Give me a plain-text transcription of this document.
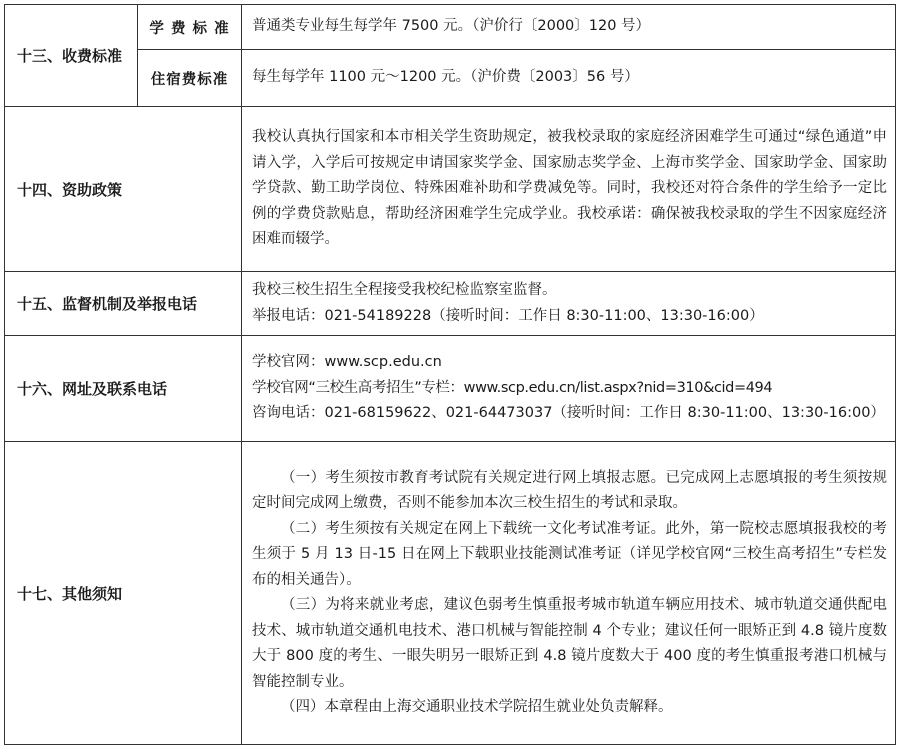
十三、收费标准	学 费 标 准	普通类专业每生每学年 7500 元。（沪价行〔2000〕120 号）
	住宿费标准	每生每学年 1100 元～1200 元。（沪价费〔2003〕56 号）
十四、资助政策		我校认真执行国家和本市相关学生资助规定，被我校录取的家庭经济困难学生可通过“绿色通道”申请入学，入学后可按规定申请国家奖学金、国家励志奖学金、上海市奖学金、国家助学金、国家助学贷款、勤工助学岗位、特殊困难补助和学费减免等。同时，我校还对符合条件的学生给予一定比例的学费贷款贴息，帮助经济困难学生完成学业。我校承诺：确保被我校录取的学生不因家庭经济困难而辍学。

十五、监督机制及举报电话		我校三校生招生全程接受我校纪检监察室监督。

举报电话：021-54189228（接听时间：工作日 8:30-11:00、13:30-16:00）

十六、网址及联系电话		学校官网：www.scp.edu.cn

学校官网“三校生高考招生”专栏：www.scp.edu.cn/list.aspx?nid=310&cid=494

咨询电话：021-68159622、021-64473037（接听时间：工作日 8:30-11:00、13:30-16:00）

十七、其他须知		（一）考生须按市教育考试院有关规定进行网上填报志愿。已完成网上志愿填报的考生须按规定时间完成网上缴费，否则不能参加本次三校生招生的考试和录取。

（二）考生须按有关规定在网上下载统一文化考试准考证。此外，第一院校志愿填报我校的考生须于 5 月 13 日-15 日在网上下载职业技能测试准考证（详见学校官网“三校生高考招生”专栏发布的相关通告）。

（三）为将来就业考虑，建议色弱考生慎重报考城市轨道车辆应用技术、城市轨道交通供配电技术、城市轨道交通机电技术、港口机械与智能控制 4 个专业；建议任何一眼矫正到 4.8 镜片度数大于 800 度的考生、一眼失明另一眼矫正到 4.8 镜片度数大于 400 度的考生慎重报考港口机械与智能控制专业。

（四）本章程由上海交通职业技术学院招生就业处负责解释。
